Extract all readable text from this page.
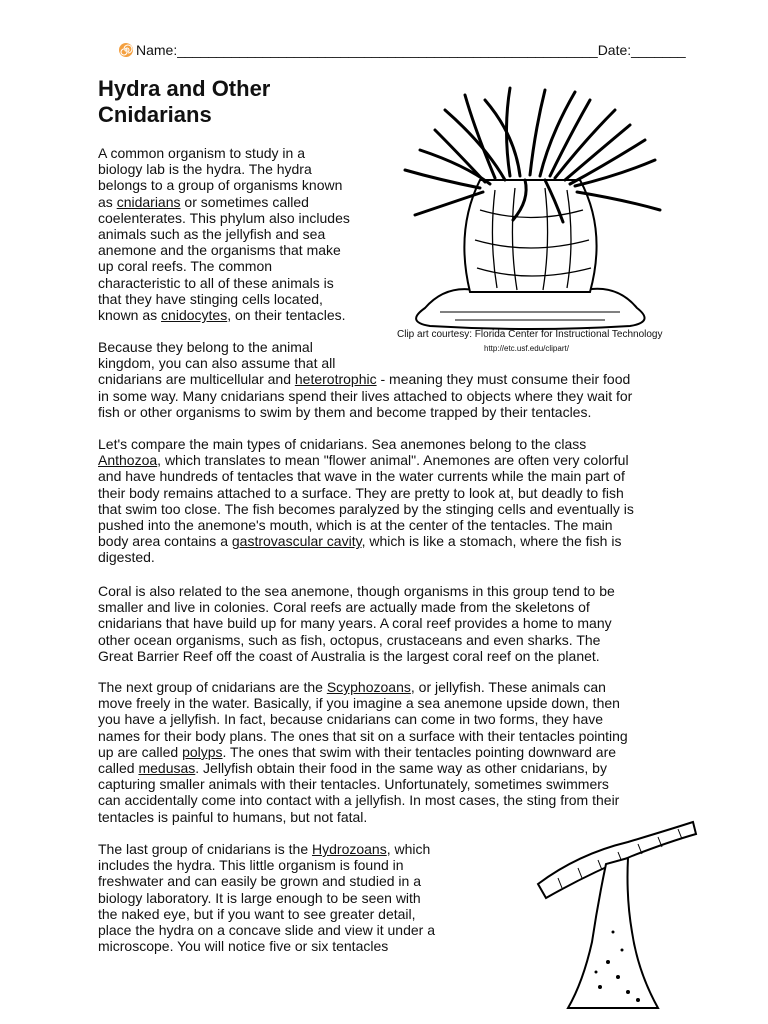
Name:______________________________________________________Date:_______
Hydra and Other
Cnidarians
A common organism to study in a
biology lab is the hydra. The hydra
belongs to a group of organisms known
as cnidarians or sometimes called
coelenterates. This phylum also includes
animals such as the jellyfish and sea
anemone and the organisms that make
up coral reefs. The common
characteristic to all of these animals is
that they have stinging cells located,
known as cnidocytes, on their tentacles.
Clip art courtesy: Florida Center for Instructional Technology
http://etc.usf.edu/clipart/
Because they belong to the animal
kingdom, you can also assume that all
cnidarians are multicellular and heterotrophic - meaning they must consume their food
in some way. Many cnidarians spend their lives attached to objects where they wait for
fish or other organisms to swim by them and become trapped by their tentacles.
Let's compare the main types of cnidarians. Sea anemones belong to the class
Anthozoa, which translates to mean "flower animal". Anemones are often very colorful
and have hundreds of tentacles that wave in the water currents while the main part of
their body remains attached to a surface. They are pretty to look at, but deadly to fish
that swim too close. The fish becomes paralyzed by the stinging cells and eventually is
pushed into the anemone's mouth, which is at the center of the tentacles. The main
body area contains a gastrovascular cavity, which is like a stomach, where the fish is
digested.
Coral is also related to the sea anemone, though organisms in this group tend to be
smaller and live in colonies. Coral reefs are actually made from the skeletons of
cnidarians that have build up for many years. A coral reef provides a home to many
other ocean organisms, such as fish, octopus, crustaceans and even sharks. The
Great Barrier Reef off the coast of Australia is the largest coral reef on the planet.
The next group of cnidarians are the Scyphozoans, or jellyfish. These animals can
move freely in the water. Basically, if you imagine a sea anemone upside down, then
you have a jellyfish. In fact, because cnidarians can come in two forms, they have
names for their body plans. The ones that sit on a surface with their tentacles pointing
up are called polyps. The ones that swim with their tentacles pointing downward are
called medusas. Jellyfish obtain their food in the same way as other cnidarians, by
capturing smaller animals with their tentacles. Unfortunately, sometimes swimmers
can accidentally come into contact with a jellyfish. In most cases, the sting from their
tentacles is painful to humans, but not fatal.
The last group of cnidarians is the Hydrozoans, which
includes the hydra. This little organism is found in
freshwater and can easily be grown and studied in a
biology laboratory. It is large enough to be seen with
the naked eye, but if you want to see greater detail,
place the hydra on a concave slide and view it under a
microscope. You will notice five or six tentacles
